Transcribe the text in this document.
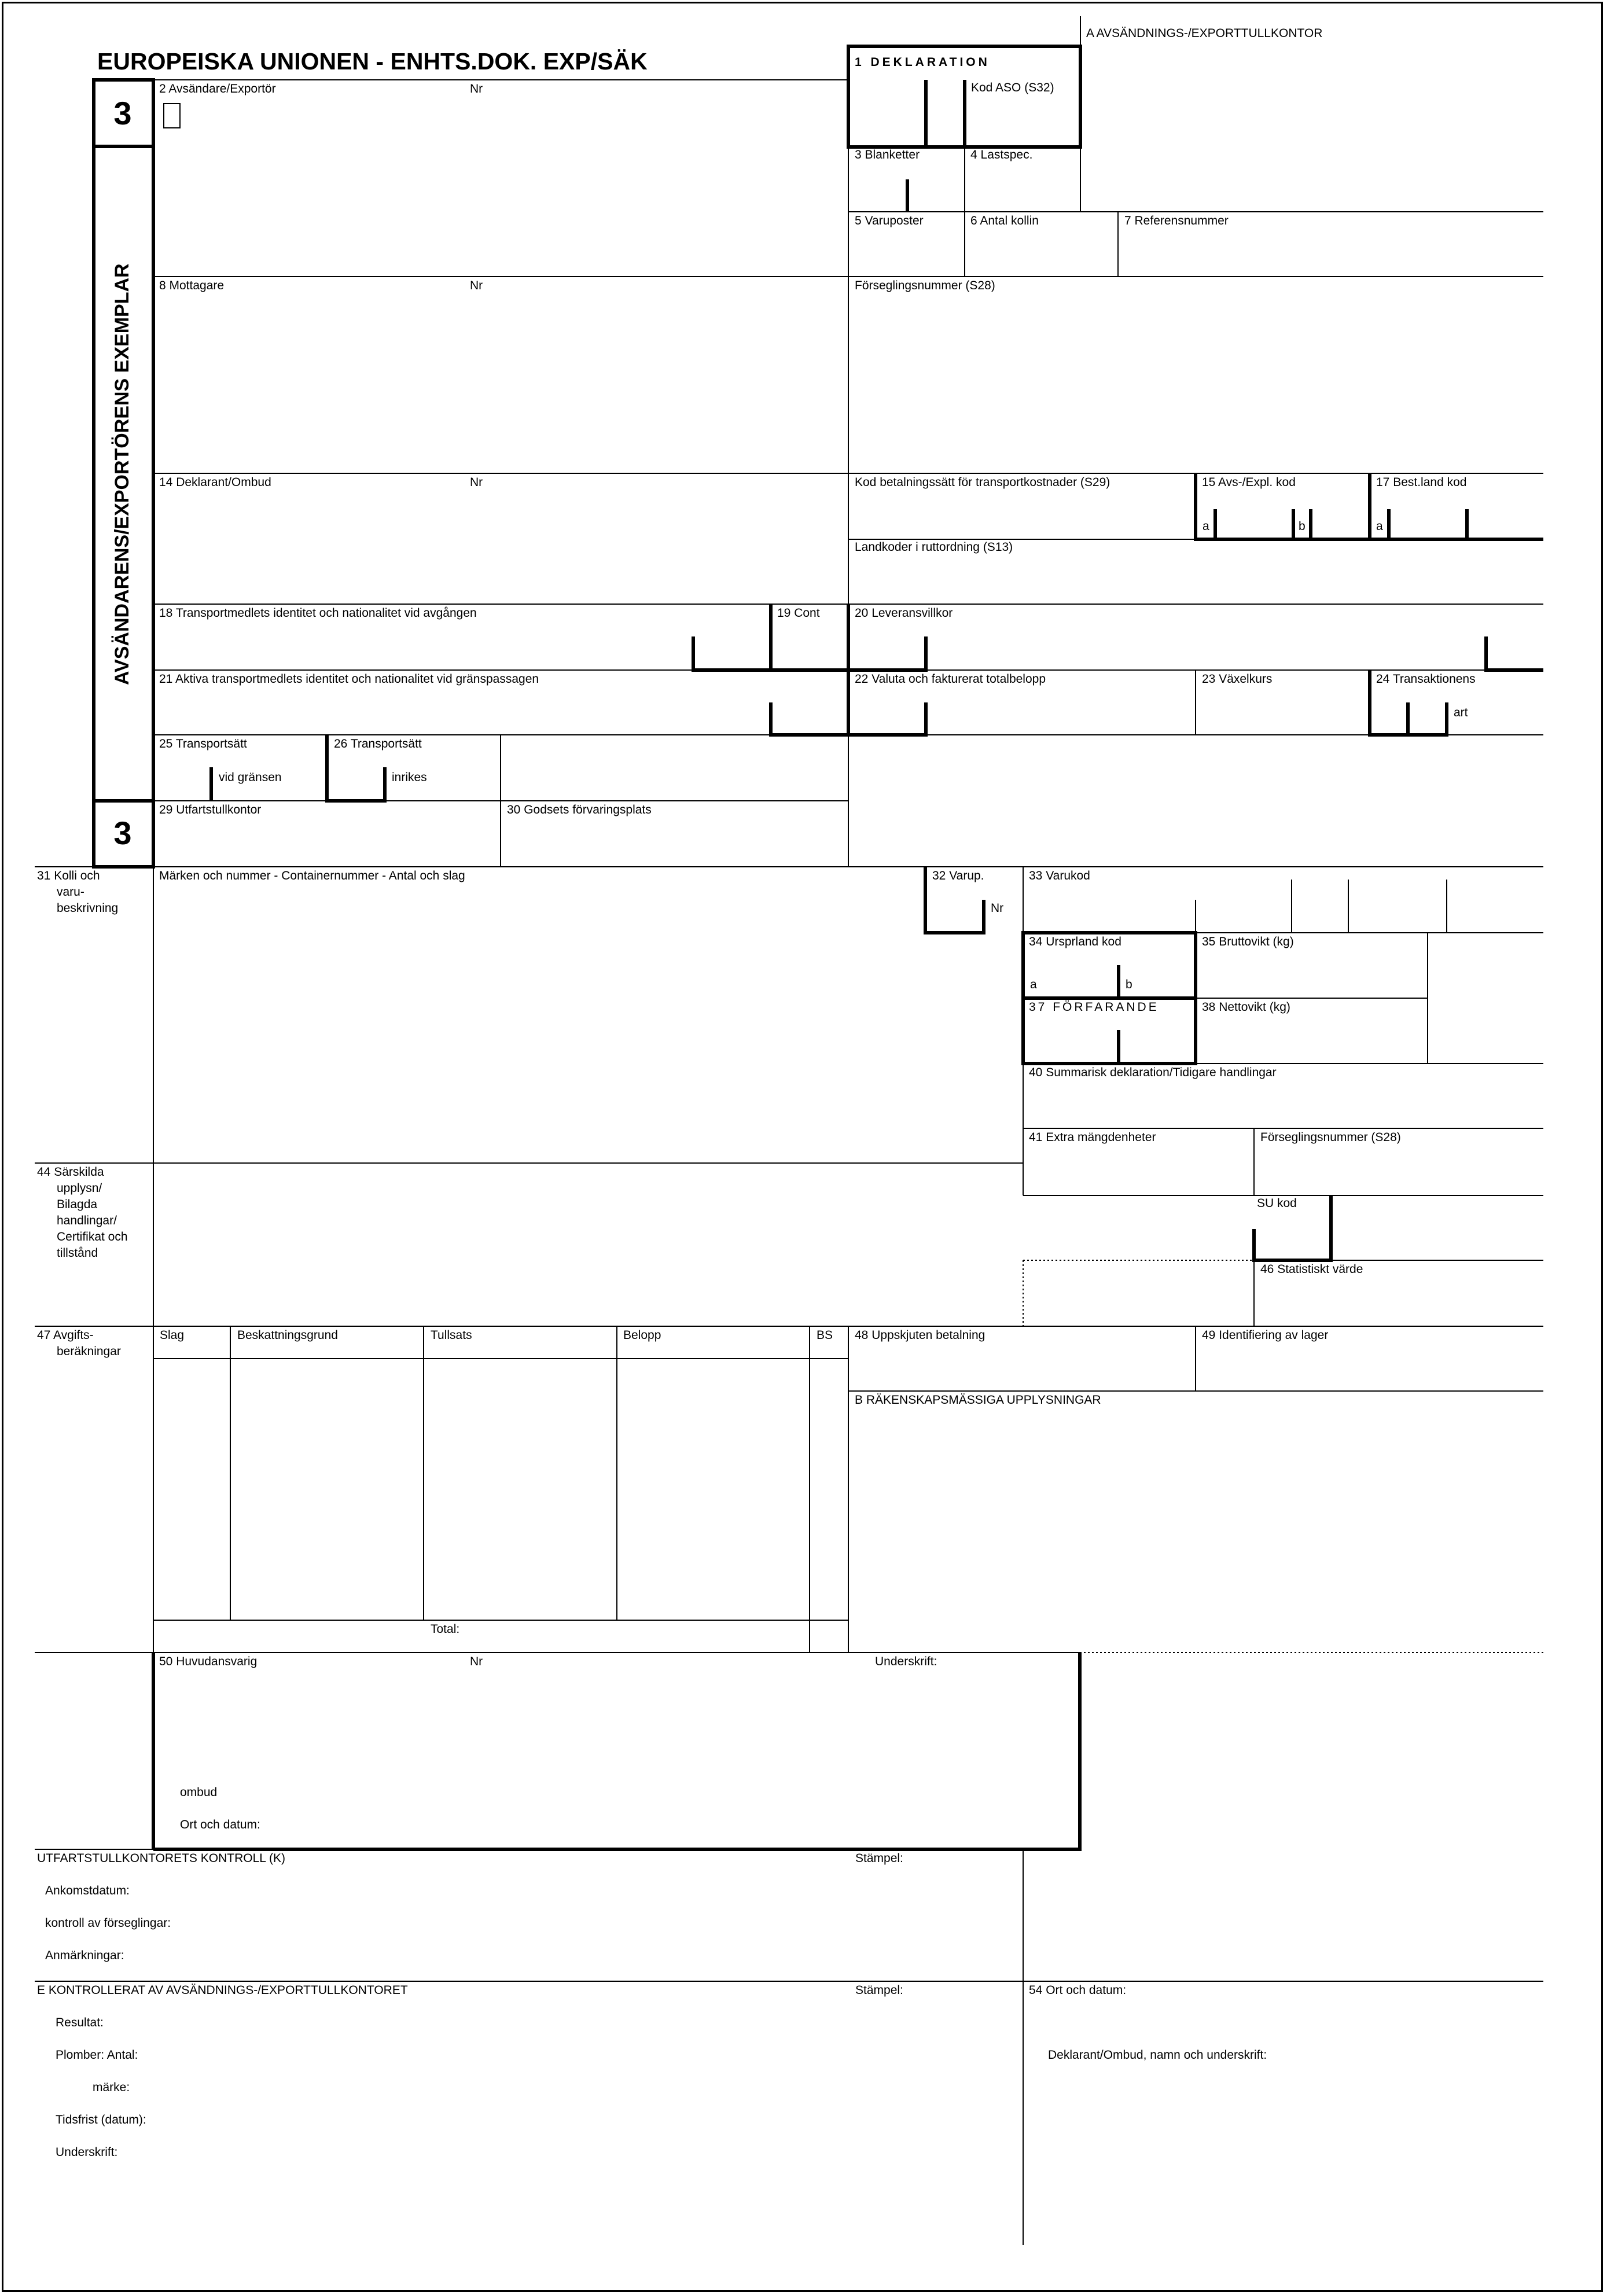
EUROPEISKA UNIONEN - ENHTS.DOK. EXP/SÄK
A AVSÄNDNINGS-/EXPORTTULLKONTOR
3
3
AVSÄNDARENS/EXPORTÖRENS EXEMPLAR
1 DEKLARATION
Kod ASO (S32)
2 Avsändare/Exportör	Nr
3 Blanketter	4 Lastspec.
5 Varuposter	6 Antal kollin	7 Referensnummer
8 Mottagare	Nr	Förseglingsnummer (S28)
14 Deklarant/Ombud	Nr	Kod betalningssätt för transportkostnader (S29)	15 Avs-/Expl. kod	17 Best.land kod
a	b	a
Landkoder i ruttordning (S13)
18 Transportmedlets identitet och nationalitet vid avgången	19 Cont	20 Leveransvillkor
21 Aktiva transportmedlets identitet och nationalitet vid gränspassagen	22 Valuta och fakturerat totalbelopp	23 Växelkurs	24 Transaktionens
art
25 Transportsätt
vid gränsen
26 Transportsätt
inrikes
29 Utfartstullkontor	30 Godsets förvaringsplats
31 Kolli och
varu-
beskrivning
Märken och nummer - Containernummer - Antal och slag	32 Varup.
Nr
33 Varukod
34 Ursprland kod	35 Bruttovikt (kg)
a	b
37 FÖRFARANDE	38 Nettovikt (kg)
40 Summarisk deklaration/Tidigare handlingar
41 Extra mängdenheter	Förseglingsnummer (S28)
44 Särskilda
upplysn/
Bilagda
handlingar/
Certifikat och
tillstånd
SU kod
46 Statistiskt värde
47 Avgifts-
beräkningar
Slag	Beskattningsgrund	Tullsats	Belopp	BS
Total:
48 Uppskjuten betalning	49 Identifiering av lager
B RÄKENSKAPSMÄSSIGA UPPLYSNINGAR
50 Huvudansvarig	Nr	Underskrift:
ombud
Ort och datum:
UTFARTSTULLKONTORETS KONTROLL (K)	Stämpel:
Ankomstdatum:
kontroll av förseglingar:
Anmärkningar:
E KONTROLLERAT AV AVSÄNDNINGS-/EXPORTTULLKONTORET	Stämpel:	54 Ort och datum:
Resultat:
Plomber: Antal:	Deklarant/Ombud, namn och underskrift:
märke:
Tidsfrist (datum):
Underskrift:
